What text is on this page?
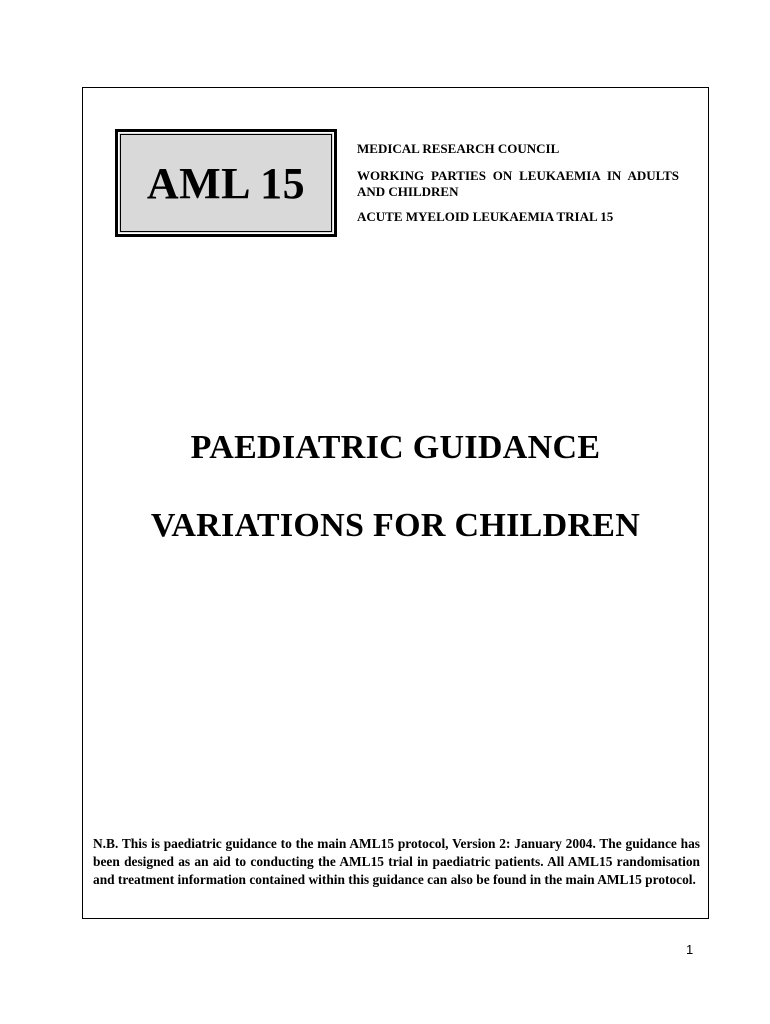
AML 15

MEDICAL RESEARCH COUNCIL

WORKING PARTIES ON LEUKAEMIA IN ADULTS AND CHILDREN

ACUTE MYELOID LEUKAEMIA TRIAL 15

PAEDIATRIC GUIDANCE
VARIATIONS FOR CHILDREN
N.B. This is paediatric guidance to the main AML15 protocol, Version 2: January 2004. The guidance has been designed as an aid to conducting the AML15 trial in paediatric patients. All AML15 randomisation and treatment information contained within this guidance can also be found in the main AML15 protocol.
1
